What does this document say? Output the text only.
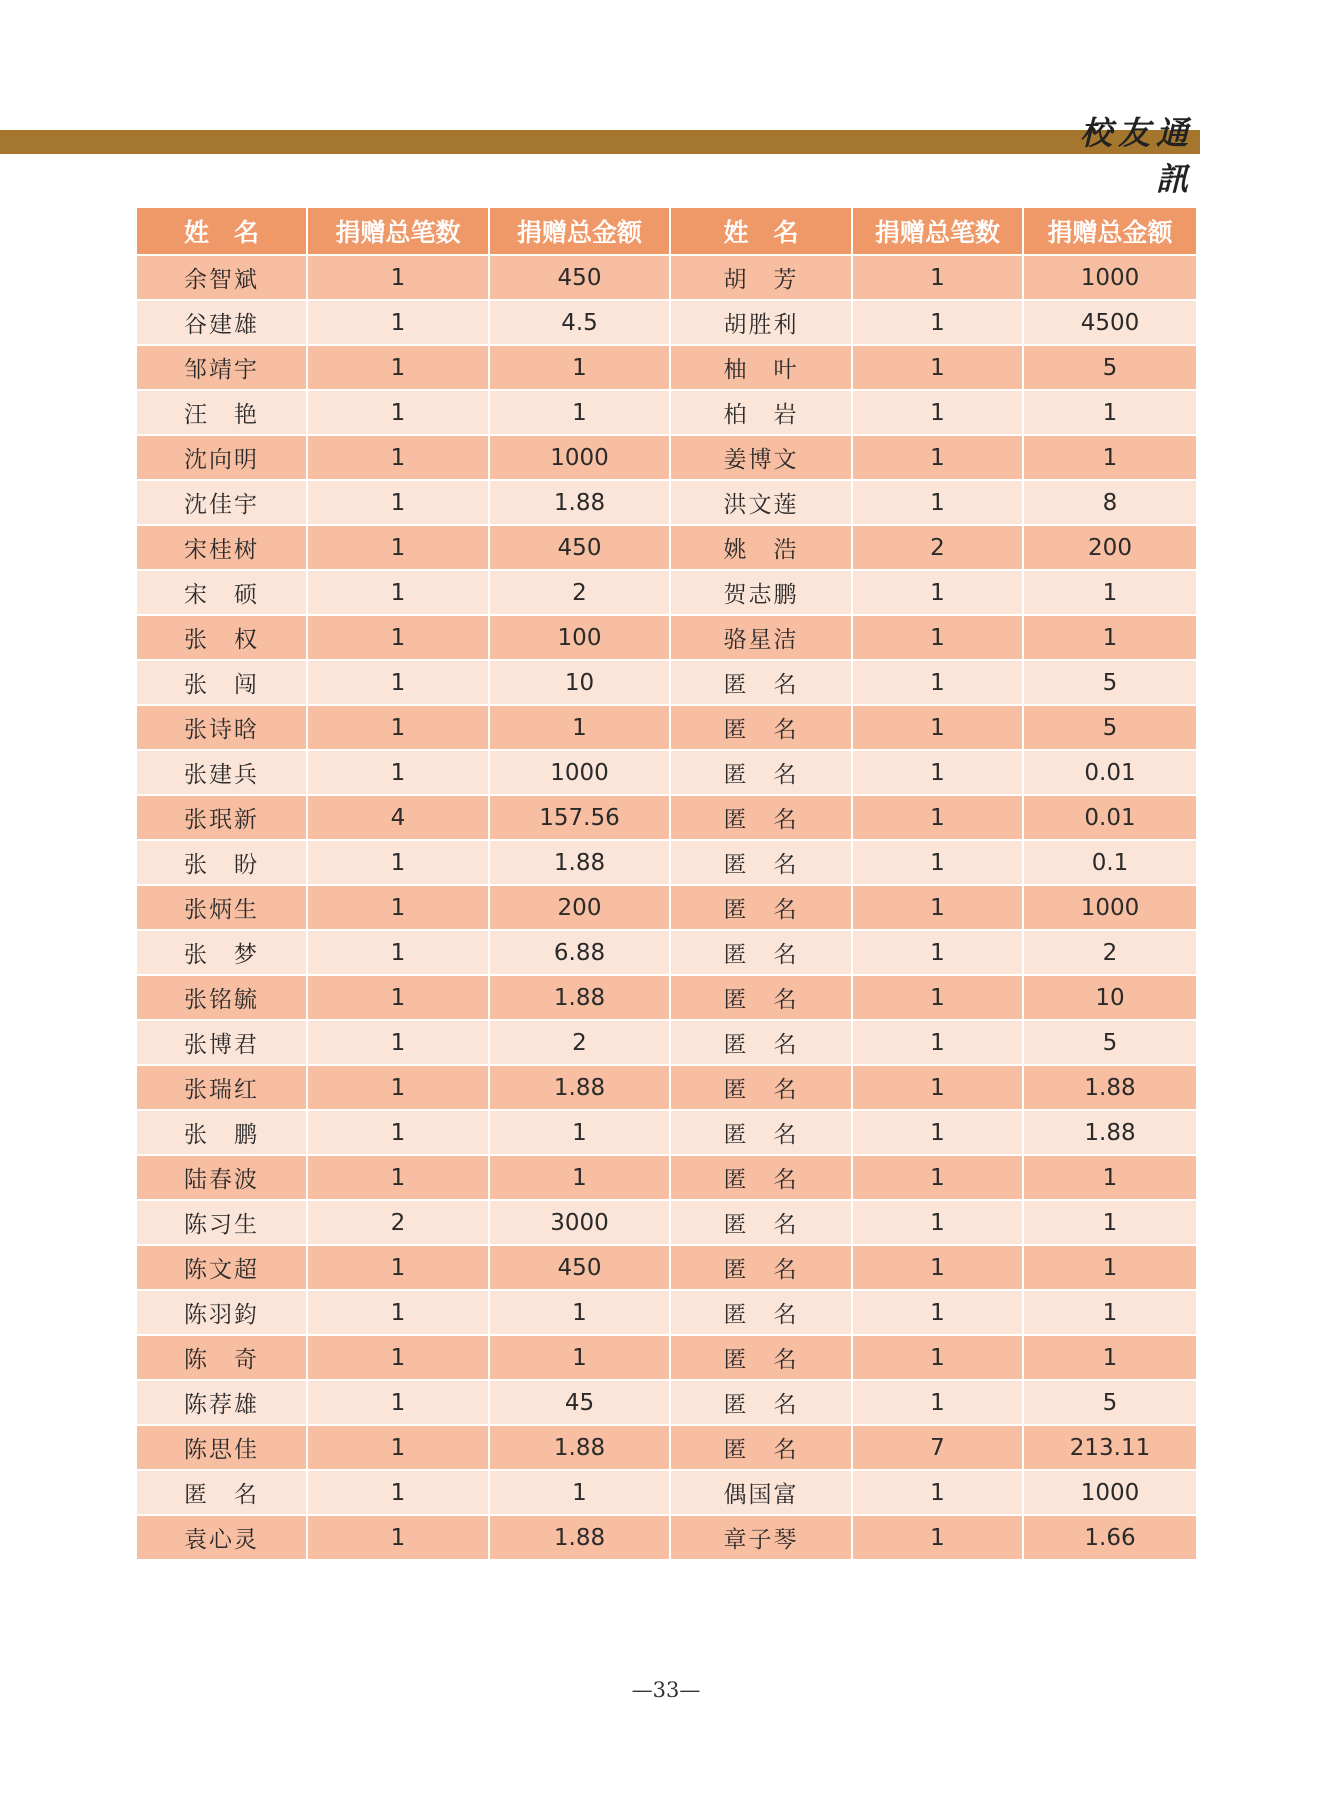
校友通訊
姓　名	捐赠总笔数	捐赠总金额	姓　名	捐赠总笔数	捐赠总金额
余智斌	1	450	胡　芳	1	1000
谷建雄	1	4.5	胡胜利	1	4500
邹靖宇	1	1	柚　叶	1	5
汪　艳	1	1	柏　岩	1	1
沈向明	1	1000	姜博文	1	1
沈佳宇	1	1.88	洪文莲	1	8
宋桂树	1	450	姚　浩	2	200
宋　硕	1	2	贺志鹏	1	1
张　权	1	100	骆星洁	1	1
张　闯	1	10	匿　名	1	5
张诗晗	1	1	匿　名	1	5
张建兵	1	1000	匿　名	1	0.01
张珉新	4	157.56	匿　名	1	0.01
张　盼	1	1.88	匿　名	1	0.1
张炳生	1	200	匿　名	1	1000
张　梦	1	6.88	匿　名	1	2
张铭毓	1	1.88	匿　名	1	10
张博君	1	2	匿　名	1	5
张瑞红	1	1.88	匿　名	1	1.88
张　鹏	1	1	匿　名	1	1.88
陆春波	1	1	匿　名	1	1
陈习生	2	3000	匿　名	1	1
陈文超	1	450	匿　名	1	1
陈羽鈞	1	1	匿　名	1	1
陈　奇	1	1	匿　名	1	1
陈荐雄	1	45	匿　名	1	5
陈思佳	1	1.88	匿　名	7	213.11
匿　名	1	1	偶国富	1	1000
袁心灵	1	1.88	章子琴	1	1.66
—33—
